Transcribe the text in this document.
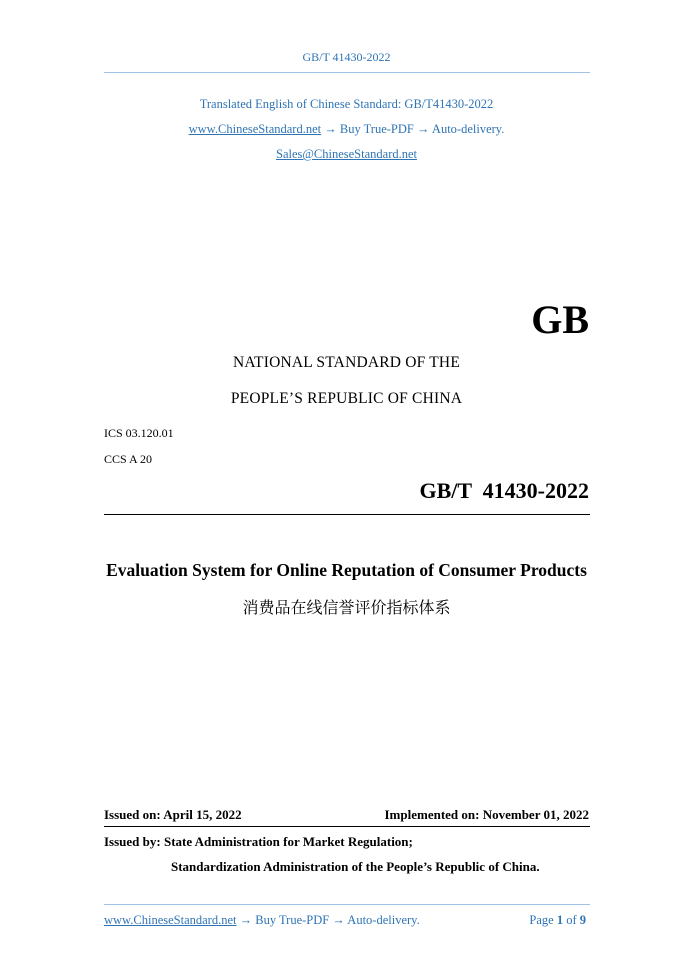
GB/T 41430-2022
Translated English of Chinese Standard: GB/T41430-2022
www.ChineseStandard.net → Buy True-PDF → Auto-delivery.
Sales@ChineseStandard.net
GB
NATIONAL STANDARD OF THE
PEOPLE’S REPUBLIC OF CHINA
ICS 03.120.01
CCS A 20
GB/T  41430-2022
Evaluation System for Online Reputation of Consumer Products
消费品在线信誉评价指标体系
Issued on: April 15, 2022	Implemented on: November 01, 2022
Issued by: State Administration for Market Regulation;
Standardization Administration of the People’s Republic of China.
www.ChineseStandard.net → Buy True-PDF → Auto-delivery.	Page 1 of 9
